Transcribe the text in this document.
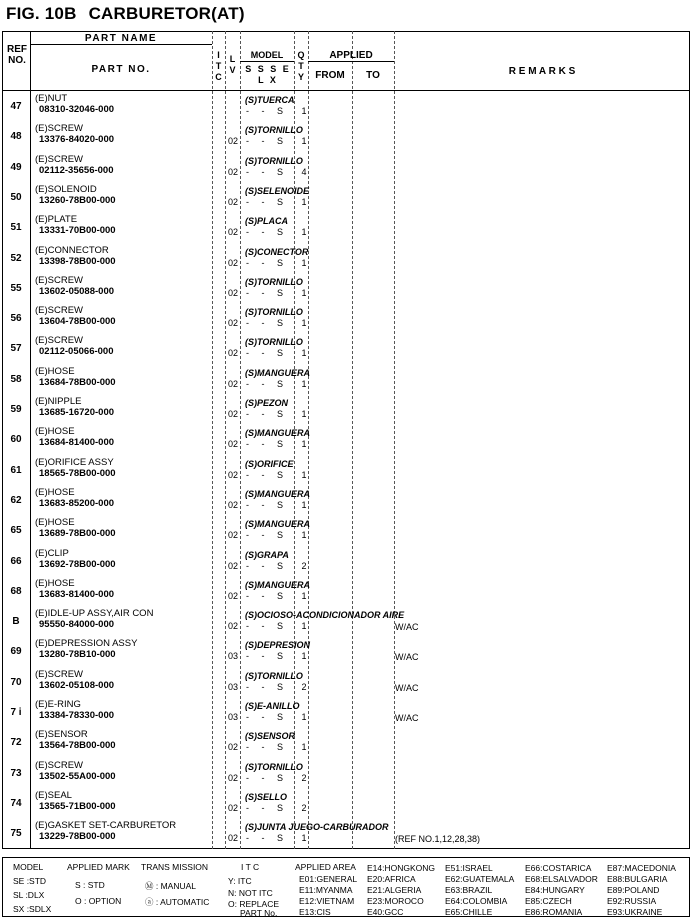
FIG. 10B CARBURETOR(AT)
REF NO.
PART NAME
PART NO.
I T C
L V
MODEL
S S S E L X
Q T Y
APPLIED
FROM	TO	R E M A R K S
47
(E)NUT
08310-32046-000
(S)TUERCA
- - S	1
48
(E)SCREW
13376-84020-000
(S)TORNILLO
02 - - S	1
49
(E)SCREW
02112-35656-000
(S)TORNILLO
02 - - S	4
50
(E)SOLENOID
13260-78B00-000
(S)SELENOIDE
02 - - S	1
51
(E)PLATE
13331-70B00-000
(S)PLACA
02 - - S	1
52
(E)CONNECTOR
13398-78B00-000
(S)CONECTOR
02 - - S	1
55
(E)SCREW
13602-05088-000
(S)TORNILLO
02 - - S	1
56
(E)SCREW
13604-78B00-000
(S)TORNILLO
02 - - S	1
57
(E)SCREW
02112-05066-000
(S)TORNILLO
02 - - S	1
58
(E)HOSE
13684-78B00-000
(S)MANGUERA
02 - - S	1
59
(E)NIPPLE
13685-16720-000
(S)PEZON
02 - - S	1
60
(E)HOSE
13684-81400-000
(S)MANGUERA
02 - - S	1
61
(E)ORIFICE ASSY
18565-78B00-000
(S)ORIFICE
02 - - S	1
62
(E)HOSE
13683-85200-000
(S)MANGUERA
02 - - S	1
65
(E)HOSE
13689-78B00-000
(S)MANGUERA
02 - - S	1
66
(E)CLIP
13692-78B00-000
(S)GRAPA
02 - - S	2
68
(E)HOSE
13683-81400-000
(S)MANGUERA
02 - - S	1
B
(E)IDLE-UP ASSY,AIR CON
95550-84000-000
(S)OCIOSO-ACONDICIONADOR AIRE
02 - - S	1	W/AC
69
(E)DEPRESSION ASSY
13280-78B10-000
(S)DEPRESION
03 - - S	1	W/AC
70
(E)SCREW
13602-05108-000
(S)TORNILLO
03 - - S	2	W/AC
7 i
(E)E-RING
13384-78330-000
(S)E-ANILLO
03 - - S	1	W/AC
72
(E)SENSOR
13564-78B00-000
(S)SENSOR
02 - - S	1
73
(E)SCREW
13502-55A00-000
(S)TORNILLO
02 - - S	2
74
(E)SEAL
13565-71B00-000
(S)SELLO
02 - - S	2
75
(E)GASKET SET-CARBURETOR
13229-78B00-000
(S)JUNTA JUEGO-CARBURADOR
02 - - S	1	(REF NO.1,12,28,38)
MODEL	APPLIED MARK TRANS MISSION	I T C	APPLIED AREA
SE :STD
SL :DLX
SX :SDLX
S : STD
O : OPTION
Ⓜ : MANUAL
ⓐ : AUTOMATIC
Y: ITC
N: NOT ITC
O: REPLACE
PART No.
E01:GENERAL
E11:MYANMA
E12:VIETNAM
E13:CIS
E14:HONGKONG
E20:AFRICA
E21:ALGERIA
E23:MOROCO
E40:GCC
E51:ISRAEL
E62:GUATEMALA
E63:BRAZIL
E64:COLOMBIA
E65:CHILLE
E66:COSTARICA
E68:ELSALVADOR
E84:HUNGARY
E85:CZECH
E86:ROMANIA
E87:MACEDONIA
E88:BULGARIA
E89:POLAND
E92:RUSSIA
E93:UKRAINE
